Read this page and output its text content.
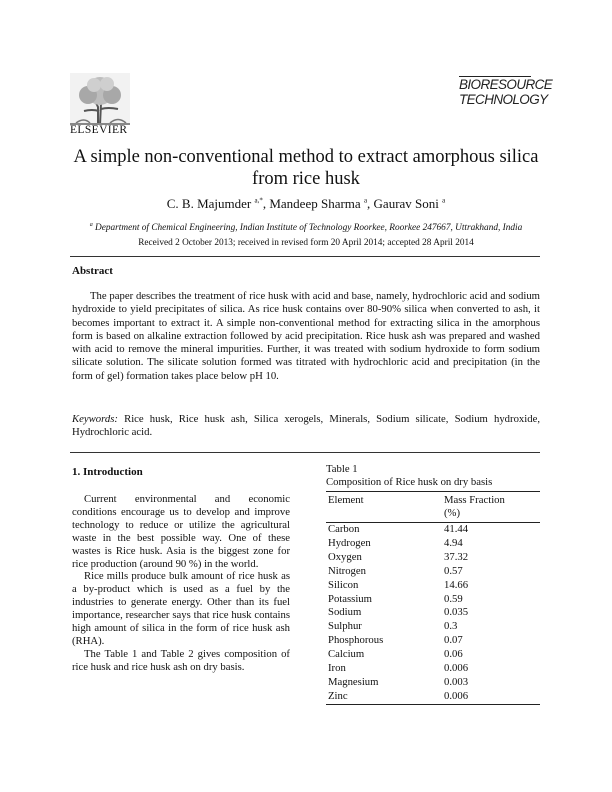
ELSEVIER
BIORESOURCE
TECHNOLOGY
A simple non-conventional method to extract amorphous silica from rice husk
C. B. Majumder $^{a,*}$, Mandeep Sharma $^a$, Gaurav Soni $^a$
$^a$ Department of Chemical Engineering, Indian Institute of Technology Roorkee, Roorkee 247667, Uttrakhand, India
Received 2 October 2013; received in revised form 20 April 2014; accepted 28 April 2014
Abstract
The paper describes the treatment of rice husk with acid and base, namely, hydrochloric acid and sodium hydroxide to yield precipitates of silica. As rice husk contains over 80-90% silica when converted to ash, it becomes important to extract it. A simple non-conventional method for extracting silica in the amorphous form is based on alkaline extraction followed by acid precipitation. Rice husk ash was prepared and washed with acid to remove the mineral impurities. Further, it was treated with sodium hydroxide to form sodium silicate solution. The silicate solution formed was titrated with hydrochloric acid and precipitation (in the form of gel) formation takes place below pH 10.
Keywords: Rice husk, Rice husk ash, Silica xerogels, Minerals, Sodium silicate, Sodium hydroxide, Hydrochloric acid.
1. Introduction

Current environmental and economic conditions encourage us to develop and improve technology to reduce or utilize the agricultural waste in the best possible way. One of these wastes is Rice husk. Asia is the biggest zone for rice production (around 90 %) in the world.

Rice mills produce bulk amount of rice husk as a by-product which is used as a fuel by the industries to generate energy. Other than its fuel importance, researcher says that rice husk contains high amount of silica in the form of rice husk ash (RHA).

The Table 1 and Table 2 gives composition of rice husk and rice husk ash on dry basis.

Table 1
Composition of Rice husk on dry basis
Element	Mass Fraction
(%)
Carbon	41.44
Hydrogen	4.94
Oxygen	37.32
Nitrogen	0.57
Silicon	14.66
Potassium	0.59
Sodium	0.035
Sulphur	0.3
Phosphorous	0.07
Calcium	0.06
Iron	0.006
Magnesium	0.003
Zinc	0.006
